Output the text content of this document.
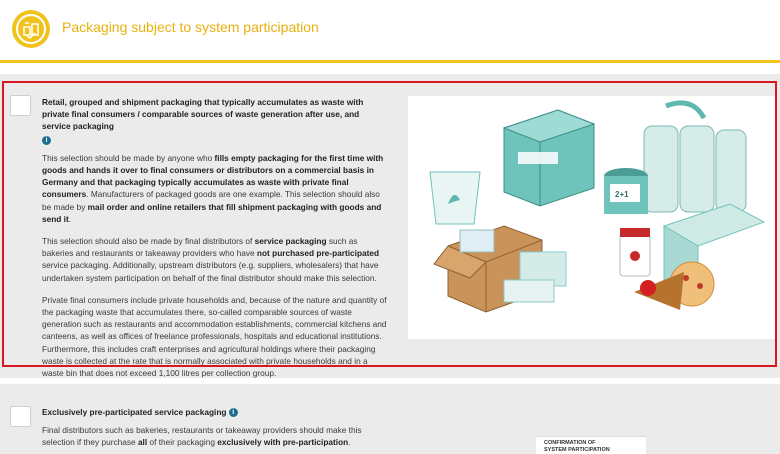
Packaging subject to system participation
Retail, grouped and shipment packaging that typically accumulates as waste with private final consumers / comparable sources of waste generation after use, and service packaging
i
This selection should be made by anyone who fills empty packaging for the first time with goods and hands it over to final consumers or distributors on a commercial basis in Germany and that packaging typically accumulates as waste with private final consumers. Manufacturers of packaged goods are one example. This selection should also be made by mail order and online retailers that fill shipment packaging with goods and send it.
This selection should also be made by final distributors of service packaging such as bakeries and restaurants or takeaway providers who have not purchased pre-participated service packaging. Additionally, upstream distributors (e.g. suppliers, wholesalers) that have undertaken system participation on behalf of the final distributor should make this selection.
Private final consumers include private households and, because of the nature and quantity of the packaging waste that accumulates there, so-called comparable sources of waste generation such as restaurants and accommodation establishments, commercial kitchens and canteens, as well as offices of freelance professionals, hospitals and educational institutions. Furthermore, this includes craft enterprises and agricultural holdings where their packaging waste is collected at the rate that is normally associated with private households and in a waste bin that does not exceed 1,100 litres per collection group.
2+1
Exclusively pre-participated service packaging i
Final distributors such as bakeries, restaurants or takeaway providers should make this selection if they purchase all of their packaging exclusively with pre-participation.	CONFIRMATION OF
SYSTEM PARTICIPATION
